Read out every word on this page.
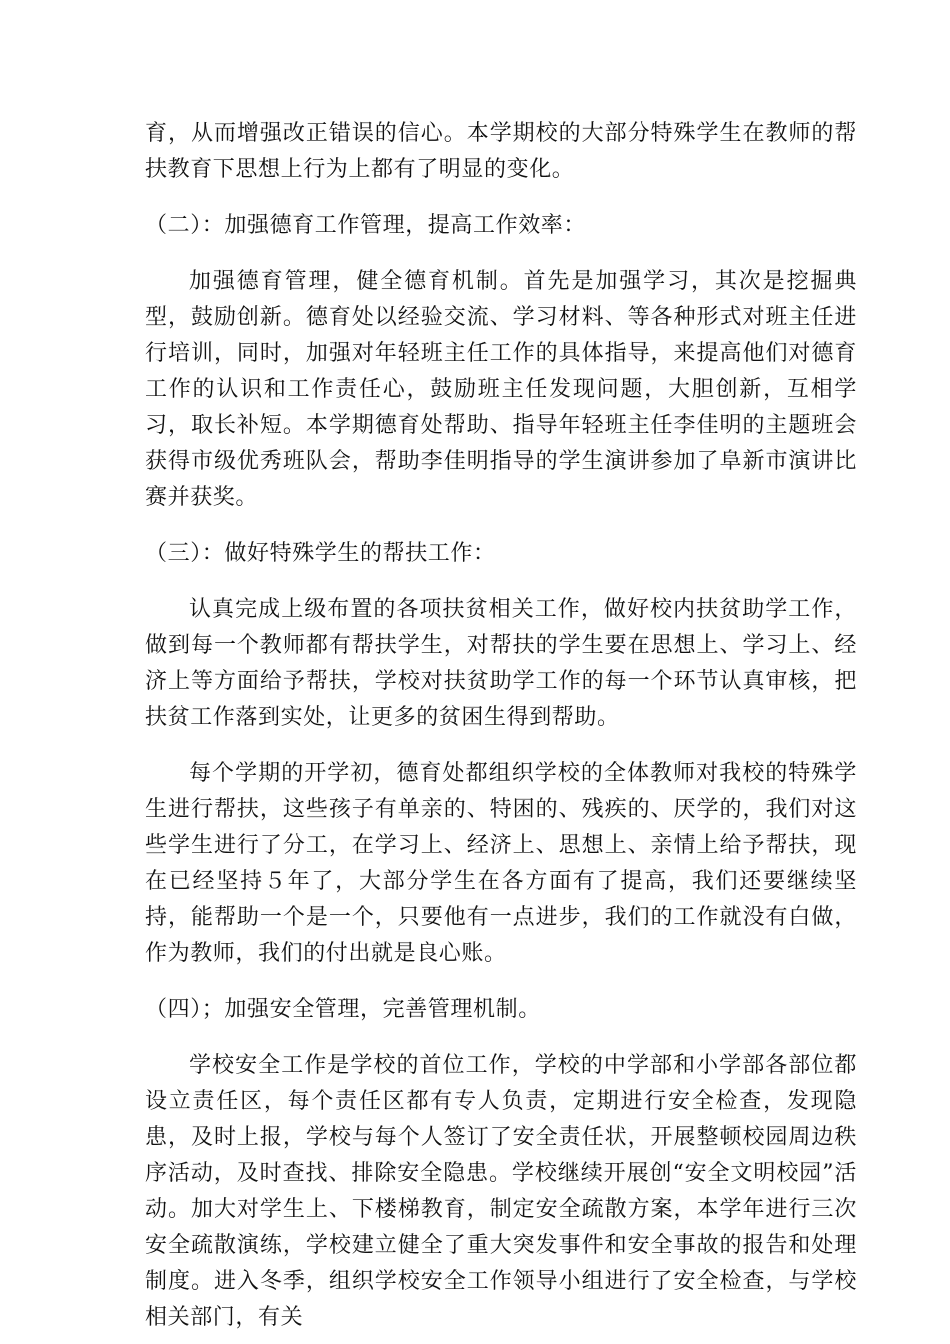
育，从而增强改正错误的信心。本学期校的大部分特殊学生在教师的帮扶教育下思想上行为上都有了明显的变化。

（二）：加强德育工作管理，提高工作效率：

加强德育管理，健全德育机制。首先是加强学习，其次是挖掘典型，鼓励创新。德育处以经验交流、学习材料、等各种形式对班主任进行培训，同时，加强对年轻班主任工作的具体指导，来提高他们对德育工作的认识和工作责任心，鼓励班主任发现问题，大胆创新，互相学习，取长补短。本学期德育处帮助、指导年轻班主任李佳明的主题班会获得市级优秀班队会，帮助李佳明指导的学生演讲参加了阜新市演讲比赛并获奖。

（三）：做好特殊学生的帮扶工作：

认真完成上级布置的各项扶贫相关工作，做好校内扶贫助学工作，做到每一个教师都有帮扶学生，对帮扶的学生要在思想上、学习上、经济上等方面给予帮扶，学校对扶贫助学工作的每一个环节认真审核，把扶贫工作落到实处，让更多的贫困生得到帮助。

每个学期的开学初，德育处都组织学校的全体教师对我校的特殊学生进行帮扶，这些孩子有单亲的、特困的、残疾的、厌学的，我们对这些学生进行了分工，在学习上、经济上、思想上、亲情上给予帮扶，现在已经坚持５年了，大部分学生在各方面有了提高，我们还要继续坚持，能帮助一个是一个，只要他有一点进步，我们的工作就没有白做，作为教师，我们的付出就是良心账。

（四）；加强安全管理，完善管理机制。

学校安全工作是学校的首位工作，学校的中学部和小学部各部位都设立责任区，每个责任区都有专人负责，定期进行安全检查，发现隐患，及时上报，学校与每个人签订了安全责任状，开展整顿校园周边秩序活动，及时查找、排除安全隐患。学校继续开展创“安全文明校园”活动。加大对学生上、下楼梯教育，制定安全疏散方案，本学年进行三次安全疏散演练，学校建立健全了重大突发事件和安全事故的报告和处理制度。进入冬季，组织学校安全工作领导小组进行了安全检查，与学校相关部门，有关
